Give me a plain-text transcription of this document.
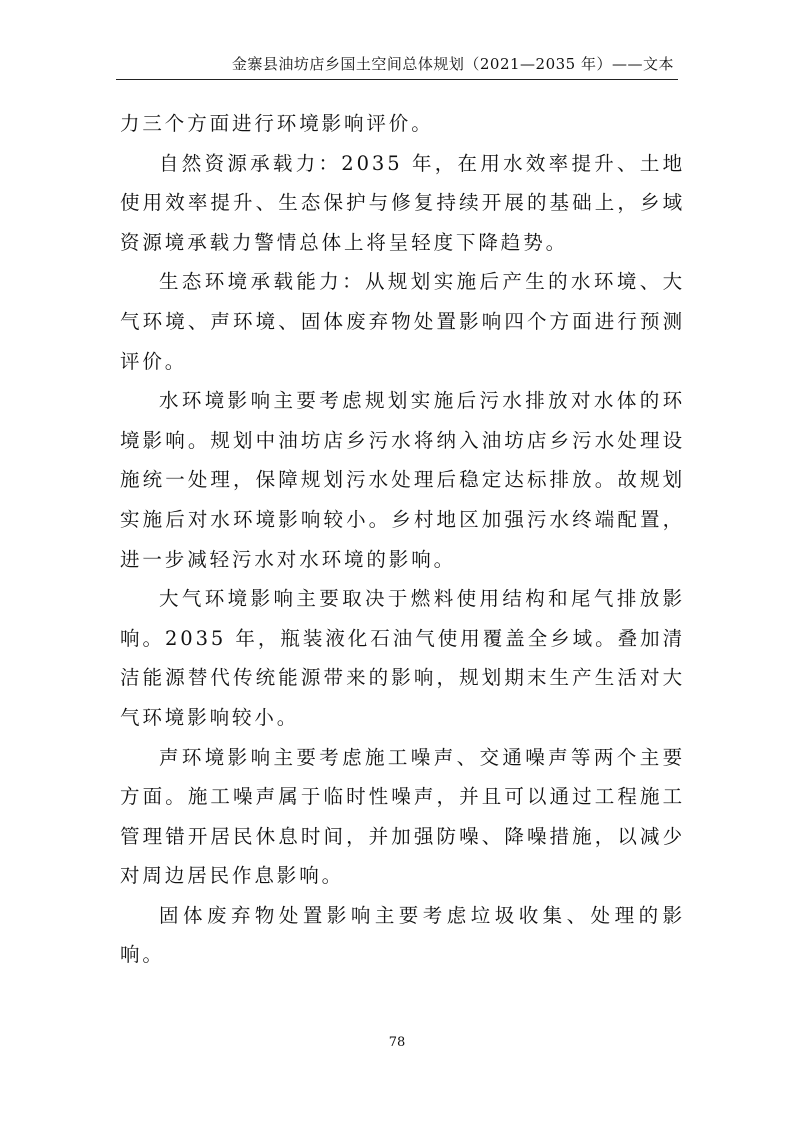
金寨县油坊店乡国土空间总体规划（2021—2035 年）——文本

力三个方面进行环境影响评价。

自然资源承载力：2035 年，在用水效率提升、土地使用效率提升、生态保护与修复持续开展的基础上，乡域资源境承载力警情总体上将呈轻度下降趋势。

生态环境承载能力：从规划实施后产生的水环境、大气环境、声环境、固体废弃物处置影响四个方面进行预测评价。

水环境影响主要考虑规划实施后污水排放对水体的环境影响。规划中油坊店乡污水将纳入油坊店乡污水处理设施统一处理，保障规划污水处理后稳定达标排放。故规划实施后对水环境影响较小。乡村地区加强污水终端配置，进一步减轻污水对水环境的影响。

大气环境影响主要取决于燃料使用结构和尾气排放影响。2035 年，瓶装液化石油气使用覆盖全乡域。叠加清洁能源替代传统能源带来的影响，规划期末生产生活对大气环境影响较小。

声环境影响主要考虑施工噪声、交通噪声等两个主要方面。施工噪声属于临时性噪声，并且可以通过工程施工管理错开居民休息时间，并加强防噪、降噪措施，以减少对周边居民作息影响。

固体废弃物处置影响主要考虑垃圾收集、处理的影响。

78
